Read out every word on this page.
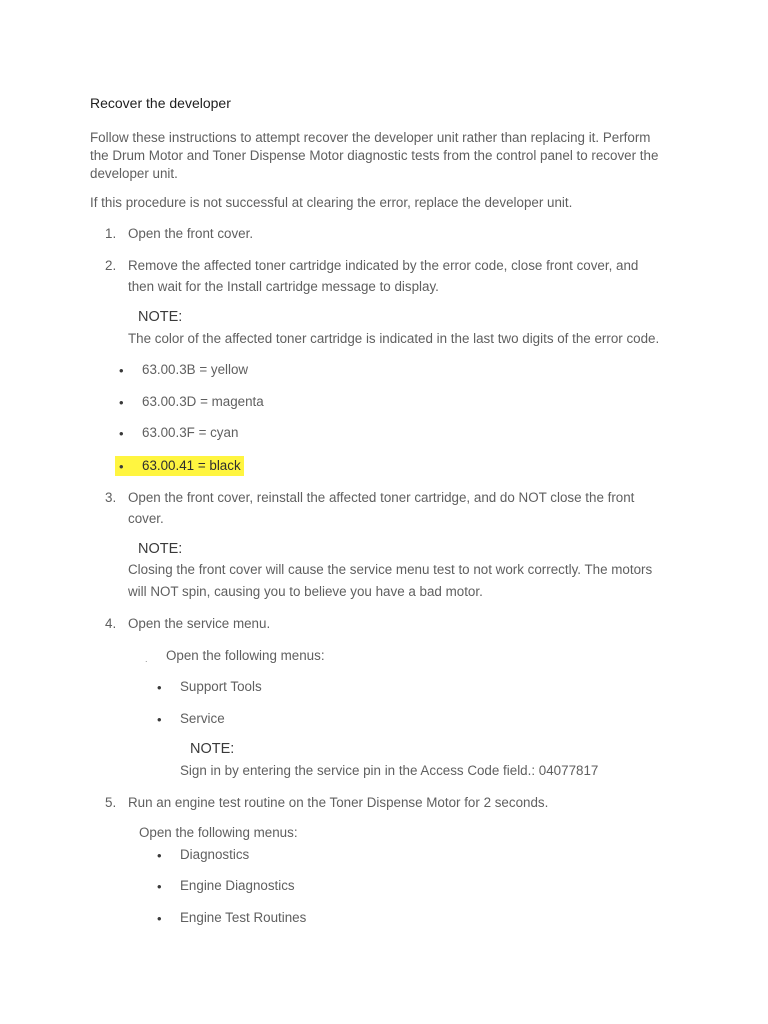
Recover the developer
Follow these instructions to attempt recover the developer unit rather than replacing it. Perform
the Drum Motor and Toner Dispense Motor diagnostic tests from the control panel to recover the
developer unit.
If this procedure is not successful at clearing the error, replace the developer unit.
1. Open the front cover.
2. Remove the affected toner cartridge indicated by the error code, close front cover, and
then wait for the Install cartridge message to display.
NOTE:
The color of the affected toner cartridge is indicated in the last two digits of the error code.
• 63.00.3B = yellow
• 63.00.3D = magenta
• 63.00.3F = cyan
• 63.00.41 = black
3. Open the front cover, reinstall the affected toner cartridge, and do NOT close the front
cover.
NOTE:
Closing the front cover will cause the service menu test to not work correctly. The motors
will NOT spin, causing you to believe you have a bad motor.
4. Open the service menu.
. Open the following menus:
• Support Tools
• Service
NOTE:
Sign in by entering the service pin in the Access Code field.: 04077817
5. Run an engine test routine on the Toner Dispense Motor for 2 seconds.
Open the following menus:
• Diagnostics
• Engine Diagnostics
• Engine Test Routines
